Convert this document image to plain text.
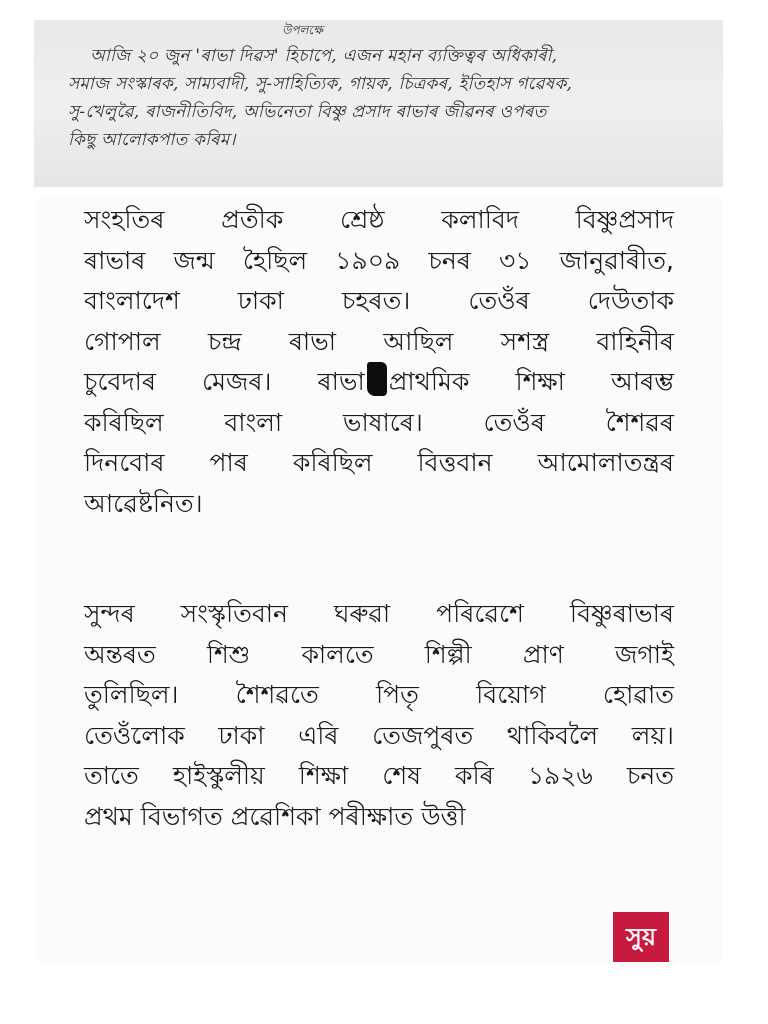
উপলক্ষে
আজি ২০ জুন 'ৰাভা দিৱস' হিচাপে, এজন মহান ব্যক্তিত্বৰ অধিকাৰী,
সমাজ সংস্কাৰক, সাম্যবাদী, সু-সাহিত্যিক, গায়ক, চিত্ৰকৰ, ইতিহাস গৱেষক,
সু-খেলুৱৈ, ৰাজনীতিবিদ, অভিনেতা বিষ্ণু প্ৰসাদ ৰাভাৰ জীৱনৰ ওপৰত
কিছু আলোকপাত কৰিম।

সংহতিৰ প্ৰতীক শ্ৰেষ্ঠ কলাবিদ বিষ্ণুপ্ৰসাদ
ৰাভাৰ জন্ম হৈছিল ১৯০৯ চনৰ ৩১ জানুৱাৰীত,
বাংলাদেশ ঢাকা চহৰত। তেওঁৰ দেউতাক
গোপাল চন্দ্ৰ ৰাভা আছিল সশস্ত্ৰ বাহিনীৰ
চুবেদাৰ মেজৰ। ৰাভা প্ৰাথমিক শিক্ষা আৰম্ভ
কৰিছিল বাংলা ভাষাৰে। তেওঁৰ শৈশৱৰ
দিনবোৰ পাৰ কৰিছিল বিত্তবান আমোলাতন্ত্ৰৰ
আৱেষ্টনিত।

সুন্দৰ সংস্কৃতিবান ঘৰুৱা পৰিৱেশে বিষ্ণুৰাভাৰ
অন্তৰত শিশু কালতে শিল্পী প্ৰাণ জগাই
তুলিছিল। শৈশৱতে পিতৃ বিয়োগ হোৱাত
তেওঁলোক ঢাকা এৰি তেজপুৰত থাকিবলৈ লয়।
তাতে হাইস্কুলীয় শিক্ষা শেষ কৰি ১৯২৬ চনত
প্ৰথম বিভাগত প্ৰৱেশিকা পৰীক্ষাত উত্তী

সুয়
